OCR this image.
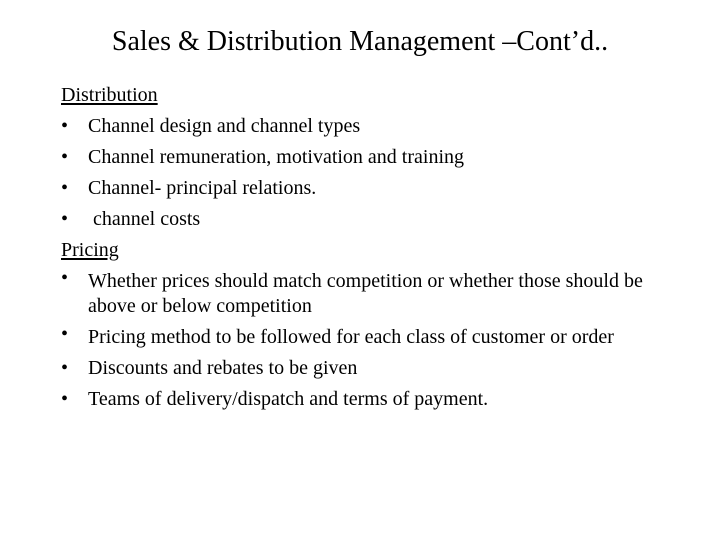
Sales & Distribution Management –Cont’d..
Distribution
• Channel design and channel types
• Channel remuneration, motivation and training
• Channel- principal relations.
• channel costs
Pricing
• Whether prices should match competition or whether those should be above or below competition
• Pricing method to be followed for each class of customer or order
• Discounts and rebates to be given
• Teams of delivery/dispatch and terms of payment.
